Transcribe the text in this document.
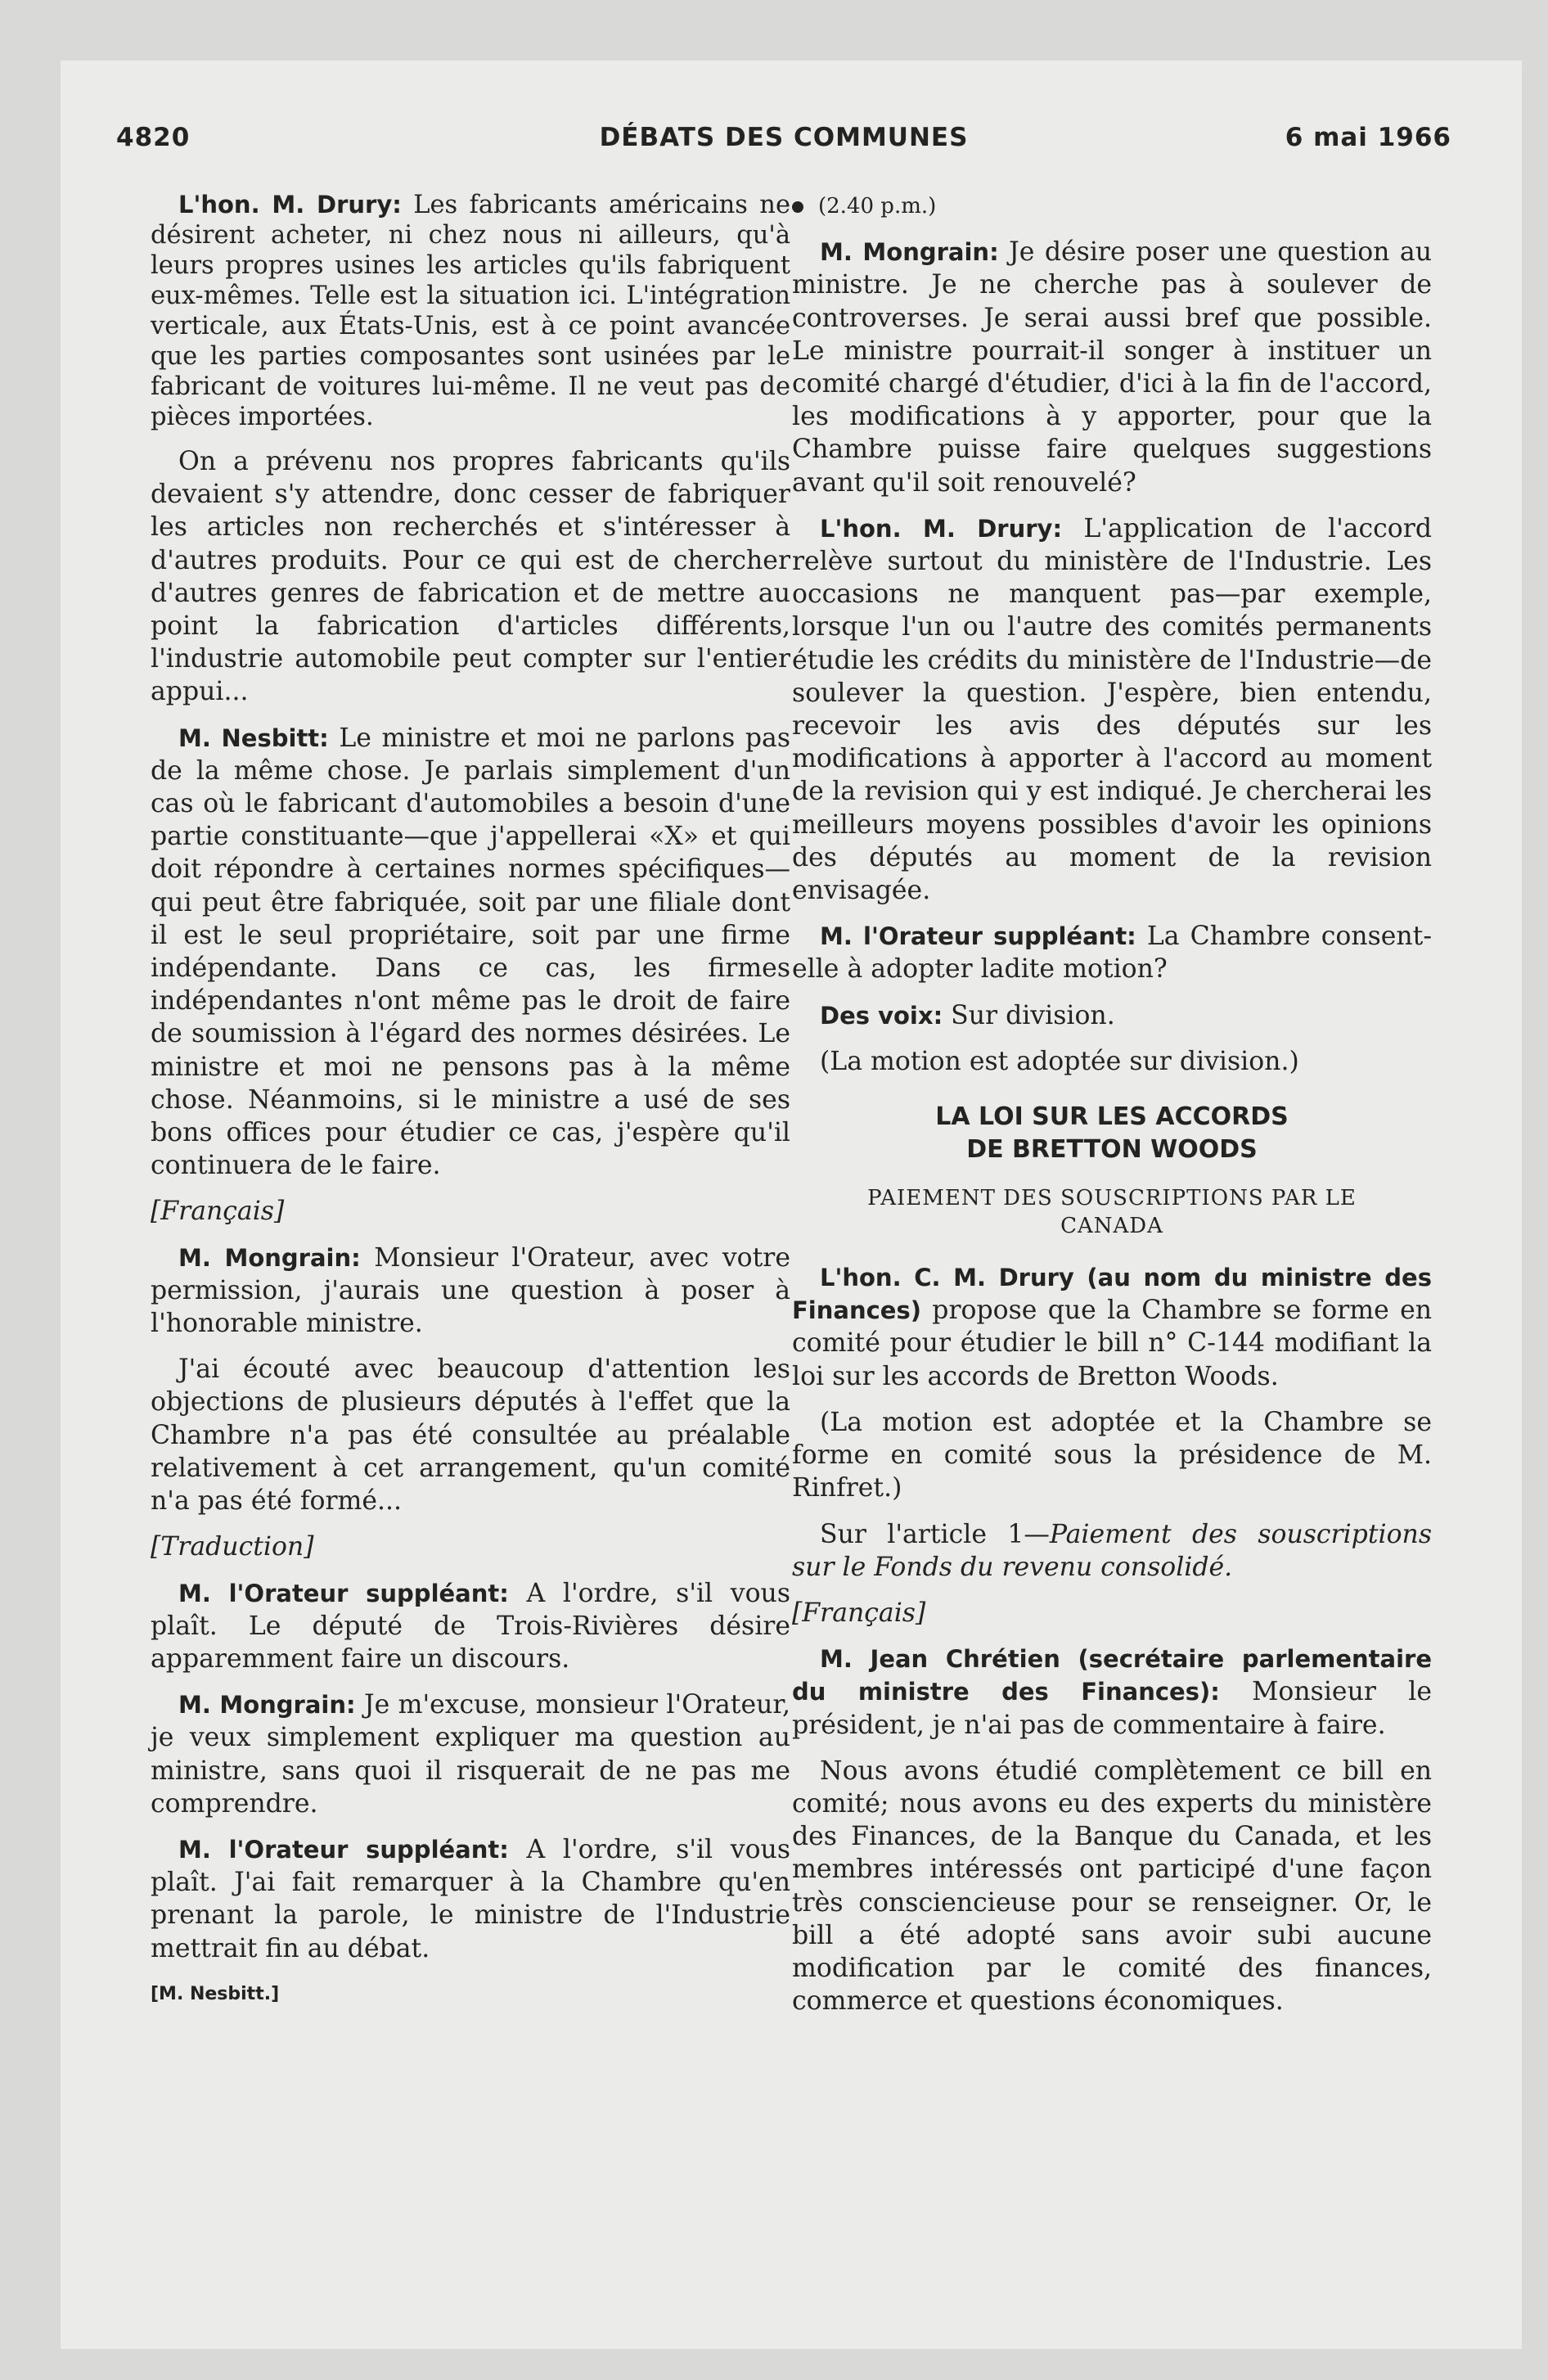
DÉBATS DES COMMUNES
4820	6 mai 1966

L'hon. M. Drury: Les fabricants américains ne désirent acheter, ni chez nous ni ailleurs, qu'à leurs propres usines les articles qu'ils fabriquent eux-mêmes. Telle est la situation ici. L'intégration verticale, aux États-Unis, est à ce point avancée que les parties composantes sont usinées par le fabricant de voitures lui-même. Il ne veut pas de pièces importées.

On a prévenu nos propres fabricants qu'ils devaient s'y attendre, donc cesser de fabriquer les articles non recherchés et s'intéresser à d'autres produits. Pour ce qui est de chercher d'autres genres de fabrication et de mettre au point la fabrication d'articles différents, l'industrie automobile peut compter sur l'entier appui...

M. Nesbitt: Le ministre et moi ne parlons pas de la même chose. Je parlais simplement d'un cas où le fabricant d'automobiles a besoin d'une partie constituante—que j'appellerai «X» et qui doit répondre à certaines normes spécifiques—qui peut être fabriquée, soit par une filiale dont il est le seul propriétaire, soit par une firme indépendante. Dans ce cas, les firmes indépendantes n'ont même pas le droit de faire de soumission à l'égard des normes désirées. Le ministre et moi ne pensons pas à la même chose. Néanmoins, si le ministre a usé de ses bons offices pour étudier ce cas, j'espère qu'il continuera de le faire.

[Français]

M. Mongrain: Monsieur l'Orateur, avec votre permission, j'aurais une question à poser à l'honorable ministre.

J'ai écouté avec beaucoup d'attention les objections de plusieurs députés à l'effet que la Chambre n'a pas été consultée au préalable relativement à cet arrangement, qu'un comité n'a pas été formé...

[Traduction]

M. l'Orateur suppléant: A l'ordre, s'il vous plaît. Le député de Trois-Rivières désire apparemment faire un discours.

M. Mongrain: Je m'excuse, monsieur l'Orateur, je veux simplement expliquer ma question au ministre, sans quoi il risquerait de ne pas me comprendre.

M. l'Orateur suppléant: A l'ordre, s'il vous plaît. J'ai fait remarquer à la Chambre qu'en prenant la parole, le ministre de l'Industrie mettrait fin au débat.

[M. Nesbitt.]

(2.40 p.m.)

M. Mongrain: Je désire poser une question au ministre. Je ne cherche pas à soulever de controverses. Je serai aussi bref que possible. Le ministre pourrait-il songer à instituer un comité chargé d'étudier, d'ici à la fin de l'accord, les modifications à y apporter, pour que la Chambre puisse faire quelques suggestions avant qu'il soit renouvelé?

L'hon. M. Drury: L'application de l'accord relève surtout du ministère de l'Industrie. Les occasions ne manquent pas—par exemple, lorsque l'un ou l'autre des comités permanents étudie les crédits du ministère de l'Industrie—de soulever la question. J'espère, bien entendu, recevoir les avis des députés sur les modifications à apporter à l'accord au moment de la revision qui y est indiqué. Je chercherai les meilleurs moyens possibles d'avoir les opinions des députés au moment de la revision envisagée.

M. l'Orateur suppléant: La Chambre consent-elle à adopter ladite motion?

Des voix: Sur division.

(La motion est adoptée sur division.)

LA LOI SUR LES ACCORDS
DE BRETTON WOODS
PAIEMENT DES SOUSCRIPTIONS PAR LE CANADA

L'hon. C. M. Drury (au nom du ministre des Finances) propose que la Chambre se forme en comité pour étudier le bill n° C-144 modifiant la loi sur les accords de Bretton Woods.

(La motion est adoptée et la Chambre se forme en comité sous la présidence de M. Rinfret.)

Sur l'article 1—Paiement des souscriptions sur le Fonds du revenu consolidé.

[Français]

M. Jean Chrétien (secrétaire parlementaire du ministre des Finances): Monsieur le président, je n'ai pas de commentaire à faire.

Nous avons étudié complètement ce bill en comité; nous avons eu des experts du ministère des Finances, de la Banque du Canada, et les membres intéressés ont participé d'une façon très consciencieuse pour se renseigner. Or, le bill a été adopté sans avoir subi aucune modification par le comité des finances, commerce et questions économiques.
